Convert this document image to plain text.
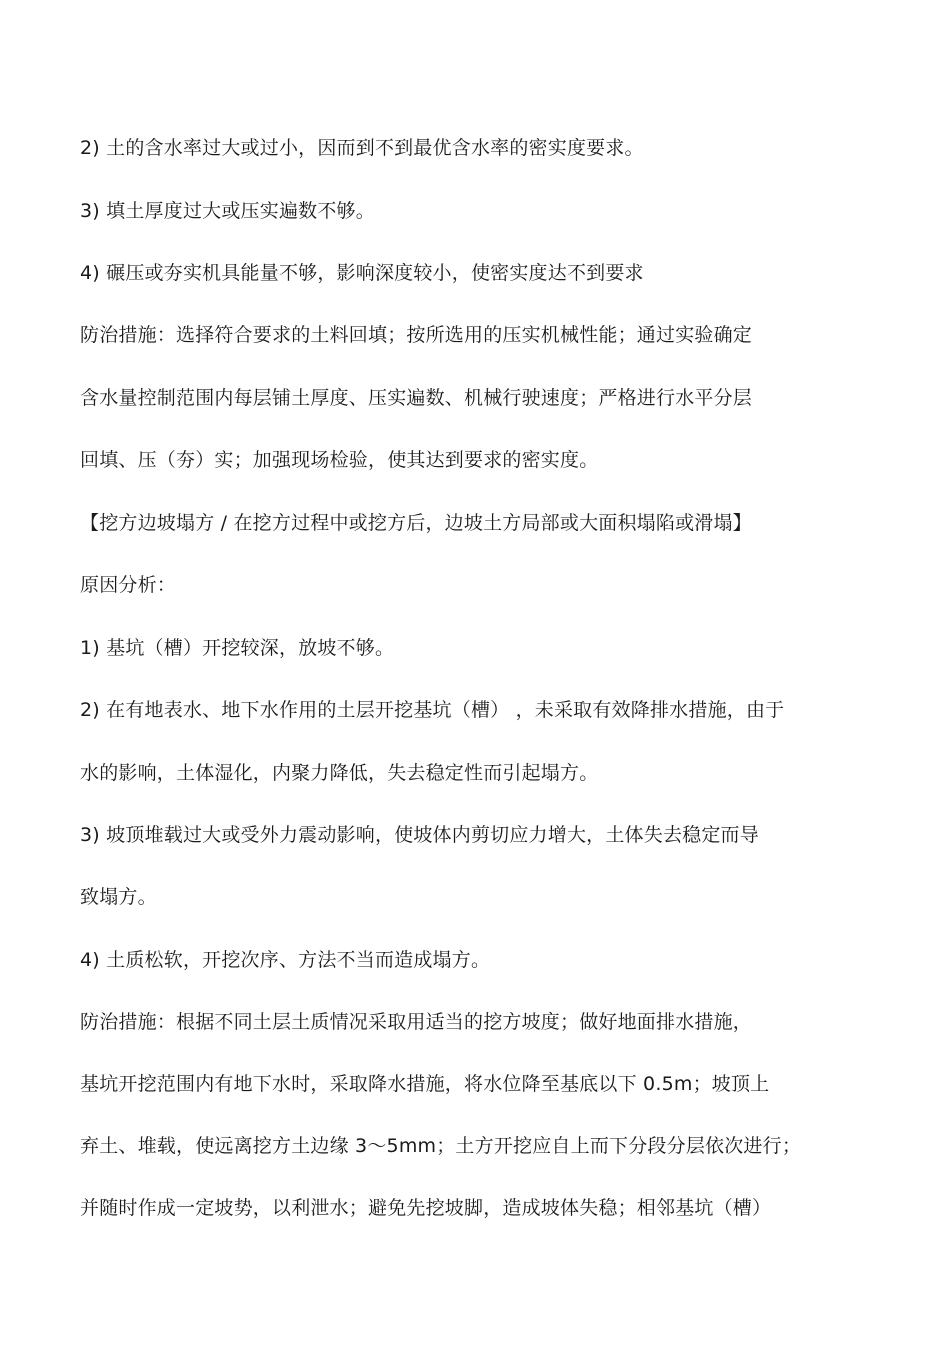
2) 土的含水率过大或过小，因而到不到最优含水率的密实度要求。
3) 填土厚度过大或压实遍数不够。
4) 碾压或夯实机具能量不够，影响深度较小，使密实度达不到要求
防治措施：选择符合要求的土料回填；按所选用的压实机械性能；通过实验确定
含水量控制范围内每层铺土厚度、压实遍数、机械行驶速度；严格进行水平分层
回填、压（夯）实；加强现场检验，使其达到要求的密实度。
【挖方边坡塌方 / 在挖方过程中或挖方后，边坡土方局部或大面积塌陷或滑塌】
原因分析：
1) 基坑（槽）开挖较深，放坡不够。
2) 在有地表水、地下水作用的土层开挖基坑（槽） ，未采取有效降排水措施，由于
水的影响，土体湿化，内聚力降低，失去稳定性而引起塌方。
3) 坡顶堆载过大或受外力震动影响，使坡体内剪切应力增大，土体失去稳定而导
致塌方。
4) 土质松软，开挖次序、方法不当而造成塌方。
防治措施：根据不同土层土质情况采取用适当的挖方坡度；做好地面排水措施，
基坑开挖范围内有地下水时，采取降水措施，将水位降至基底以下 0.5m；坡顶上
弃土、堆载，使远离挖方土边缘 3～5mm；土方开挖应自上而下分段分层依次进行；
并随时作成一定坡势，以利泄水；避免先挖坡脚，造成坡体失稳；相邻基坑（槽）
